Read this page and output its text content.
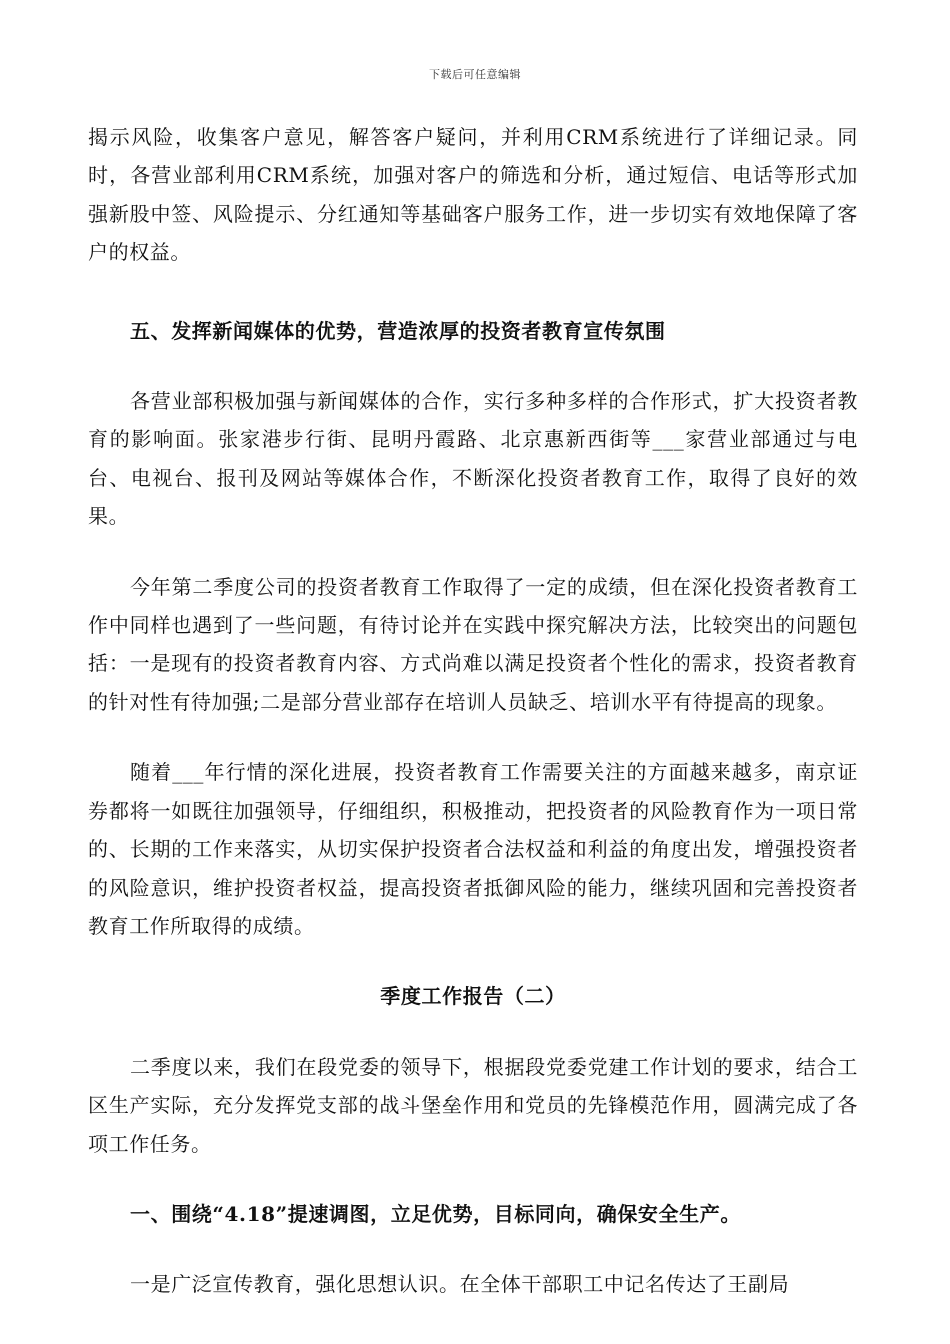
下载后可任意编辑

揭示风险，收集客户意见，解答客户疑问，并利用CRM系统进行了详细记录。同时，各营业部利用CRM系统，加强对客户的筛选和分析，通过短信、电话等形式加强新股中签、风险提示、分红通知等基础客户服务工作，进一步切实有效地保障了客户的权益。

五、发挥新闻媒体的优势，营造浓厚的投资者教育宣传氛围

各营业部积极加强与新闻媒体的合作，实行多种多样的合作形式，扩大投资者教育的影响面。张家港步行街、昆明丹霞路、北京惠新西街等___家营业部通过与电台、电视台、报刊及网站等媒体合作，不断深化投资者教育工作，取得了良好的效果。

今年第二季度公司的投资者教育工作取得了一定的成绩，但在深化投资者教育工作中同样也遇到了一些问题，有待讨论并在实践中探究解决方法，比较突出的问题包括：一是现有的投资者教育内容、方式尚难以满足投资者个性化的需求，投资者教育的针对性有待加强;二是部分营业部存在培训人员缺乏、培训水平有待提高的现象。

随着___年行情的深化进展，投资者教育工作需要关注的方面越来越多，南京证券都将一如既往加强领导，仔细组织，积极推动，把投资者的风险教育作为一项日常的、长期的工作来落实，从切实保护投资者合法权益和利益的角度出发，增强投资者的风险意识，维护投资者权益，提高投资者抵御风险的能力，继续巩固和完善投资者教育工作所取得的成绩。

季度工作报告（二）

二季度以来，我们在段党委的领导下，根据段党委党建工作计划的要求，结合工区生产实际，充分发挥党支部的战斗堡垒作用和党员的先锋模范作用，圆满完成了各项工作任务。

一、围绕“4.18”提速调图，立足优势，目标同向，确保安全生产。

一是广泛宣传教育，强化思想认识。在全体干部职工中记名传达了王副局
